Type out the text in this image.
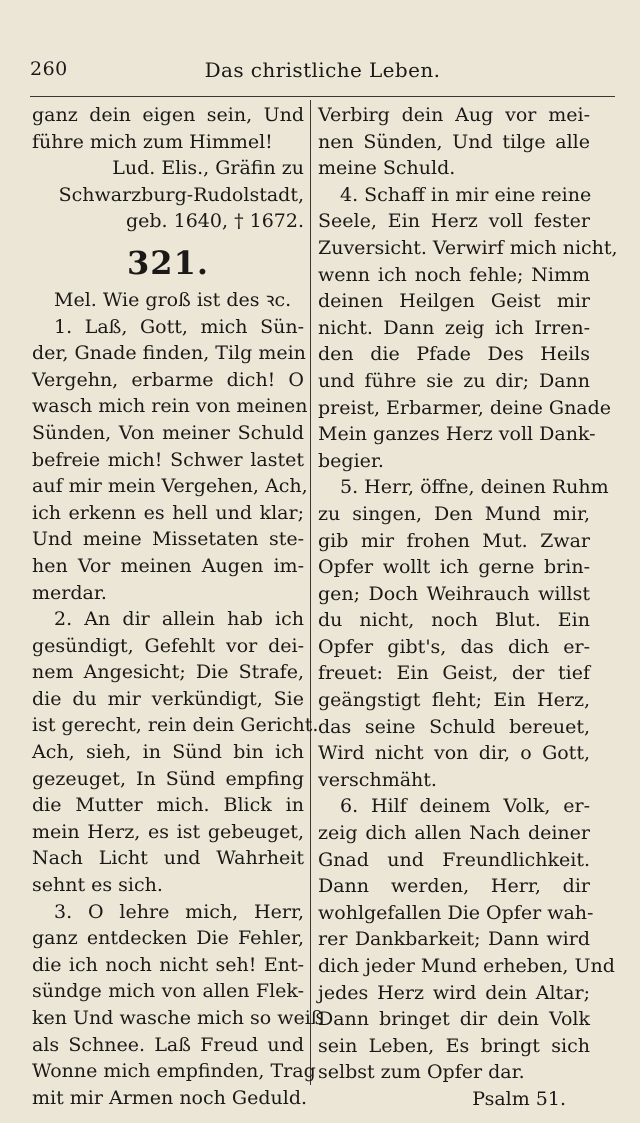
260	Das christliche Leben.
ganz dein eigen sein, Und
führe mich zum Himmel!
Lud. Elis., Gräfin zu
Schwarzburg-Rudolstadt,
geb. 1640, † 1672.
321.
Mel. Wie groß ist des ꝛc.
1. Laß, Gott, mich Sün-
der, Gnade finden, Tilg mein
Vergehn, erbarme dich! O
wasch mich rein von meinen
Sünden, Von meiner Schuld
befreie mich! Schwer lastet
auf mir mein Vergehen, Ach,
ich erkenn es hell und klar;
Und meine Missetaten ste-
hen Vor meinen Augen im-
merdar.
2. An dir allein hab ich
gesündigt, Gefehlt vor dei-
nem Angesicht; Die Strafe,
die du mir verkündigt, Sie
ist gerecht, rein dein Gericht.
Ach, sieh, in Sünd bin ich
gezeuget, In Sünd empfing
die Mutter mich. Blick in
mein Herz, es ist gebeuget,
Nach Licht und Wahrheit
sehnt es sich.
3. O lehre mich, Herr,
ganz entdecken Die Fehler,
die ich noch nicht seh! Ent-
sündge mich von allen Flek-
ken Und wasche mich so weiß
als Schnee. Laß Freud und
Wonne mich empfinden, Trag
mit mir Armen noch Geduld.
Verbirg dein Aug vor mei-
nen Sünden, Und tilge alle
meine Schuld.
4. Schaff in mir eine reine
Seele, Ein Herz voll fester
Zuversicht. Verwirf mich nicht,
wenn ich noch fehle; Nimm
deinen Heilgen Geist mir
nicht. Dann zeig ich Irren-
den die Pfade Des Heils
und führe sie zu dir; Dann
preist, Erbarmer, deine Gnade
Mein ganzes Herz voll Dank-
begier.
5. Herr, öffne, deinen Ruhm
zu singen, Den Mund mir,
gib mir frohen Mut. Zwar
Opfer wollt ich gerne brin-
gen; Doch Weihrauch willst
du nicht, noch Blut. Ein
Opfer gibt's, das dich er-
freuet: Ein Geist, der tief
geängstigt fleht; Ein Herz,
das seine Schuld bereuet,
Wird nicht von dir, o Gott,
verschmäht.
6. Hilf deinem Volk, er-
zeig dich allen Nach deiner
Gnad und Freundlichkeit.
Dann werden, Herr, dir
wohlgefallen Die Opfer wah-
rer Dankbarkeit; Dann wird
dich jeder Mund erheben, Und
jedes Herz wird dein Altar;
Dann bringet dir dein Volk
sein Leben, Es bringt sich
selbst zum Opfer dar.
Psalm 51.
